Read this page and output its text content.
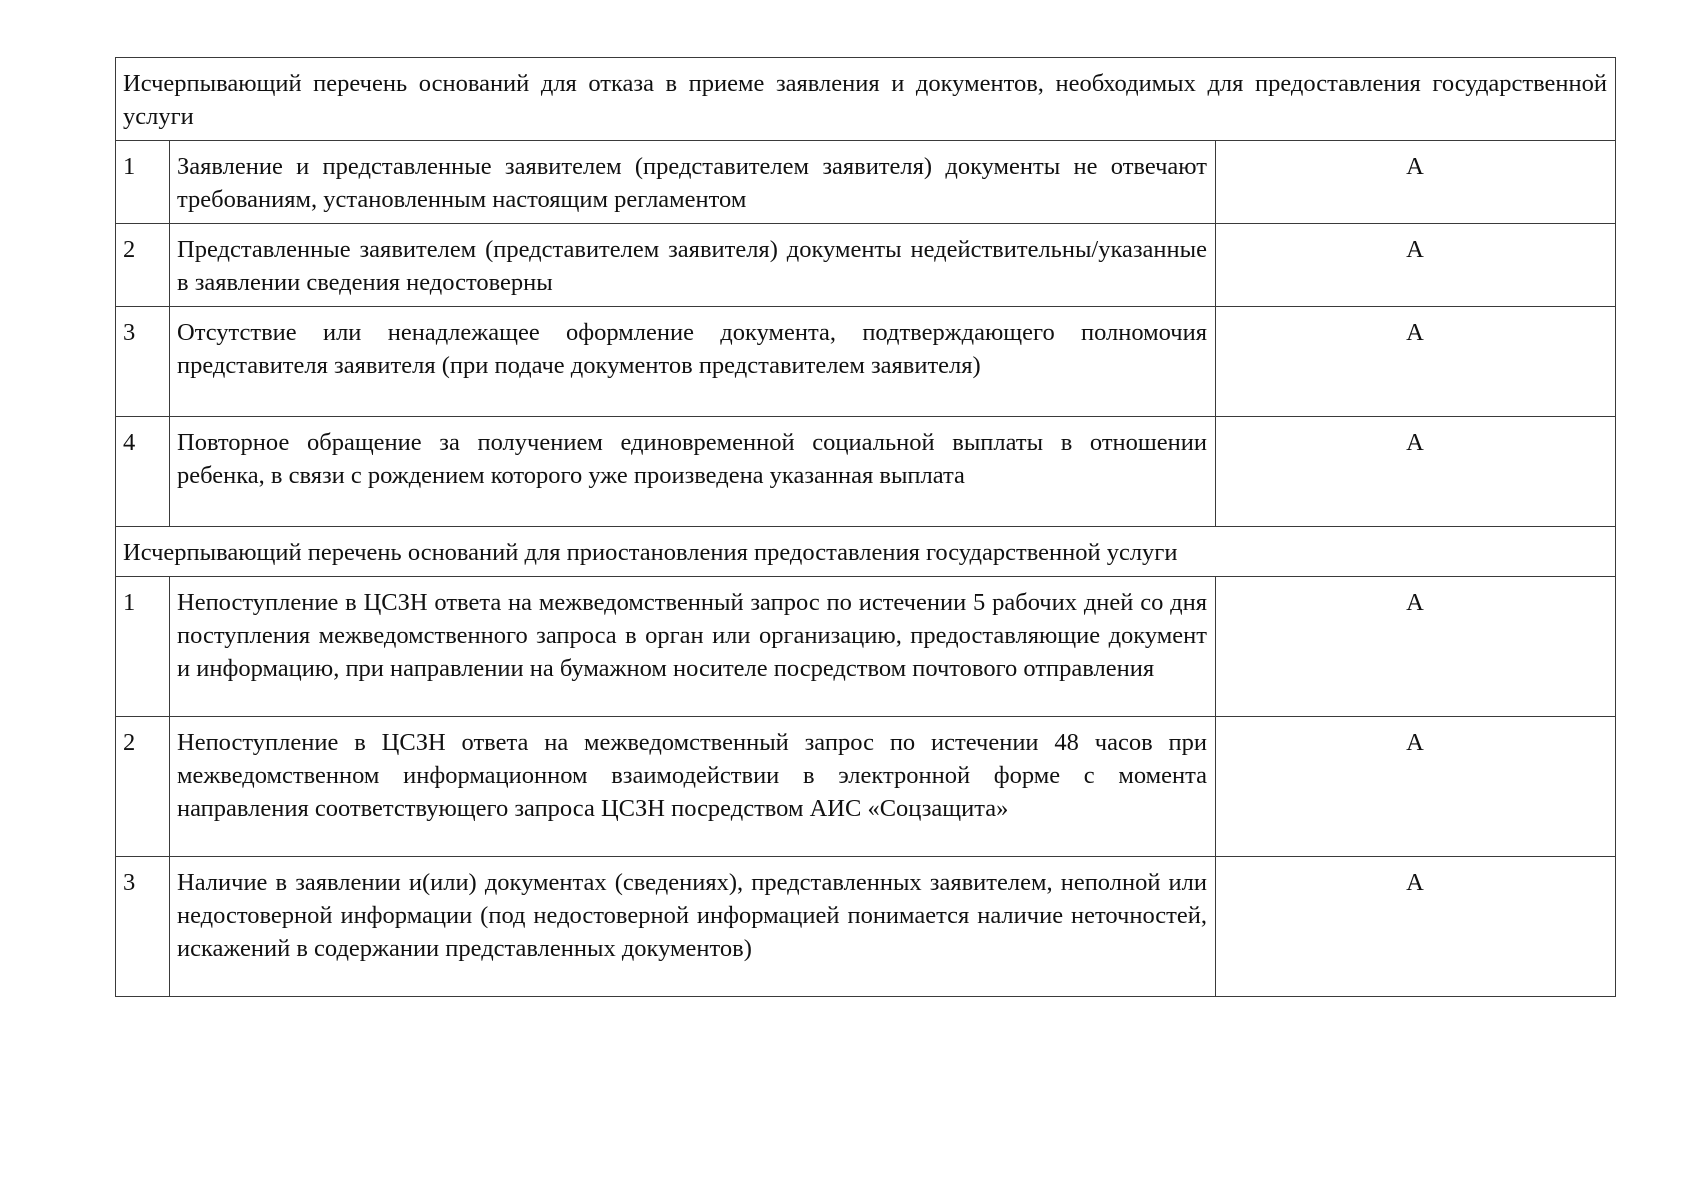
Исчерпывающий перечень оснований для отказа в приеме заявления и документов, необходимых для предоставления государственной услуги		
1	Заявление и представленные заявителем (представителем заявителя) документы не отвечают требованиям, установленным настоящим регламентом	А
2	Представленные заявителем (представителем заявителя) документы недействительны/указанные в заявлении сведения недостоверны	А
3	Отсутствие или ненадлежащее оформление документа, подтверждающего полномочия представителя заявителя (при подаче документов представителем заявителя)	А
4	Повторное обращение за получением единовременной социальной выплаты в отношении ребенка, в связи с рождением которого уже произведена указанная выплата	А
Исчерпывающий перечень оснований для приостановления предоставления государственной услуги		
1	Непоступление в ЦСЗН ответа на межведомственный запрос по истечении 5 рабочих дней со дня поступления межведомственного запроса в орган или организацию, предоставляющие документ и информацию, при направлении на бумажном носителе посредством почтового отправления	А
2	Непоступление в ЦСЗН ответа на межведомственный запрос по истечении 48 часов при межведомственном информационном взаимодействии в электронной форме с момента направления соответствующего запроса ЦСЗН посредством АИС «Соцзащита»	А
3	Наличие в заявлении и(или) документах (сведениях), представленных заявителем, неполной или недостоверной информации (под недостоверной информацией понимается наличие неточностей, искажений в содержании представленных документов)	А
